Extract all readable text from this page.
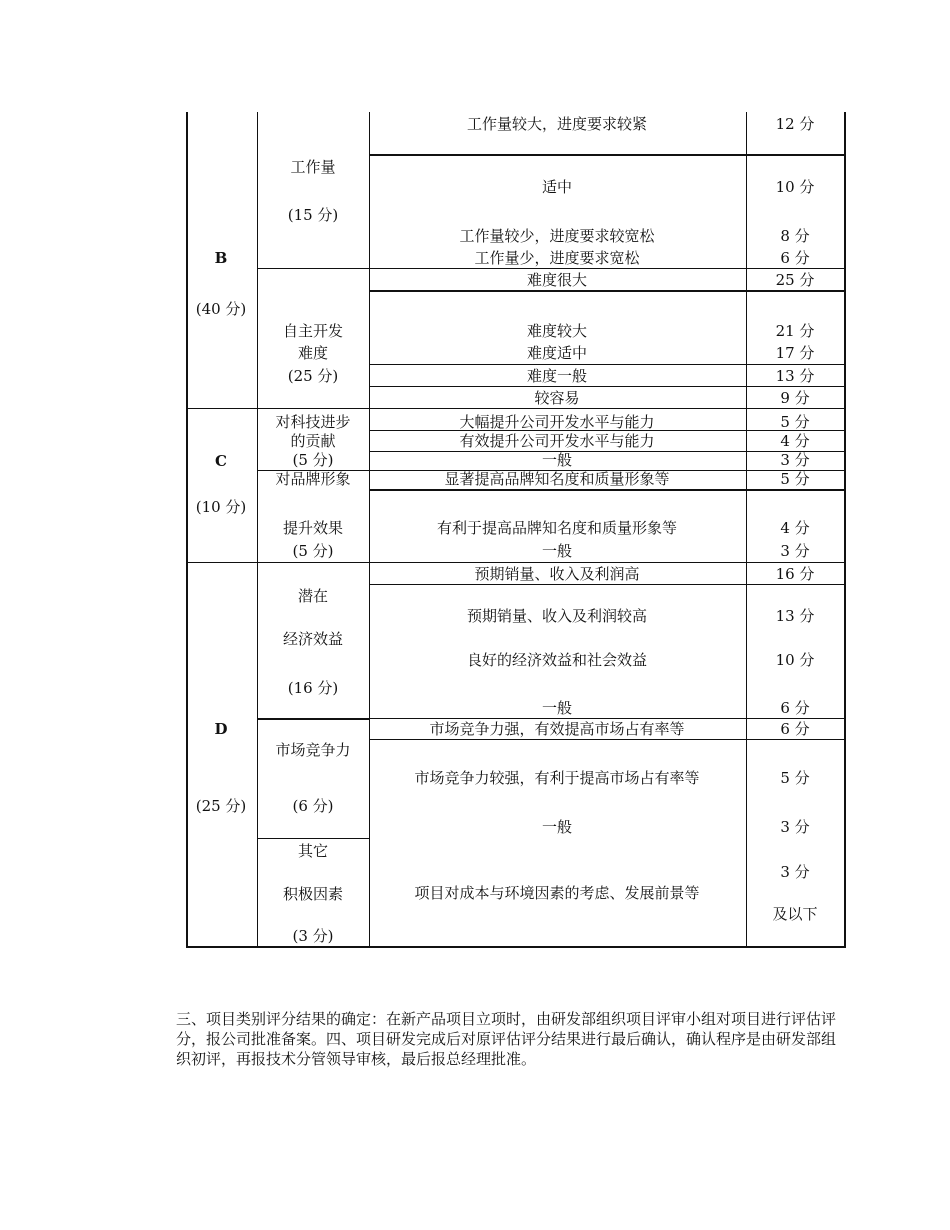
B
(40 分)
C
(10 分)
D
(25 分)
工作量
(15 分)
自主开发
难度
(25 分)
对科技进步
的贡献
(5 分)
对品牌形象
提升效果
(5 分)
潜在
经济效益
(16 分)
市场竞争力
(6 分)
其它
积极因素
(3 分)
工作量较大，进度要求较紧
适中
工作量较少，进度要求较宽松
工作量少，进度要求宽松
难度很大
难度较大
难度适中
难度一般
较容易
大幅提升公司开发水平与能力
有效提升公司开发水平与能力
一般
显著提高品牌知名度和质量形象等
有利于提高品牌知名度和质量形象等
一般
预期销量、收入及利润高
预期销量、收入及利润较高
良好的经济效益和社会效益
一般
市场竞争力强，有效提高市场占有率等
市场竞争力较强，有利于提高市场占有率等
一般
项目对成本与环境因素的考虑、发展前景等
12 分
10 分
8 分
6 分
25 分
21 分
17 分
13 分
9 分
5 分
4 分
3 分
5 分
4 分
3 分
16 分
13 分
10 分
6 分
6 分
5 分
3 分
3 分
及以下

三、项目类别评分结果的确定：在新产品项目立项时，由研发部组织项目评审小组对项目进行评估评分，报公司批准备案。四、项目研发完成后对原评估评分结果进行最后确认，确认程序是由研发部组织初评，再报技术分管领导审核，最后报总经理批准。
